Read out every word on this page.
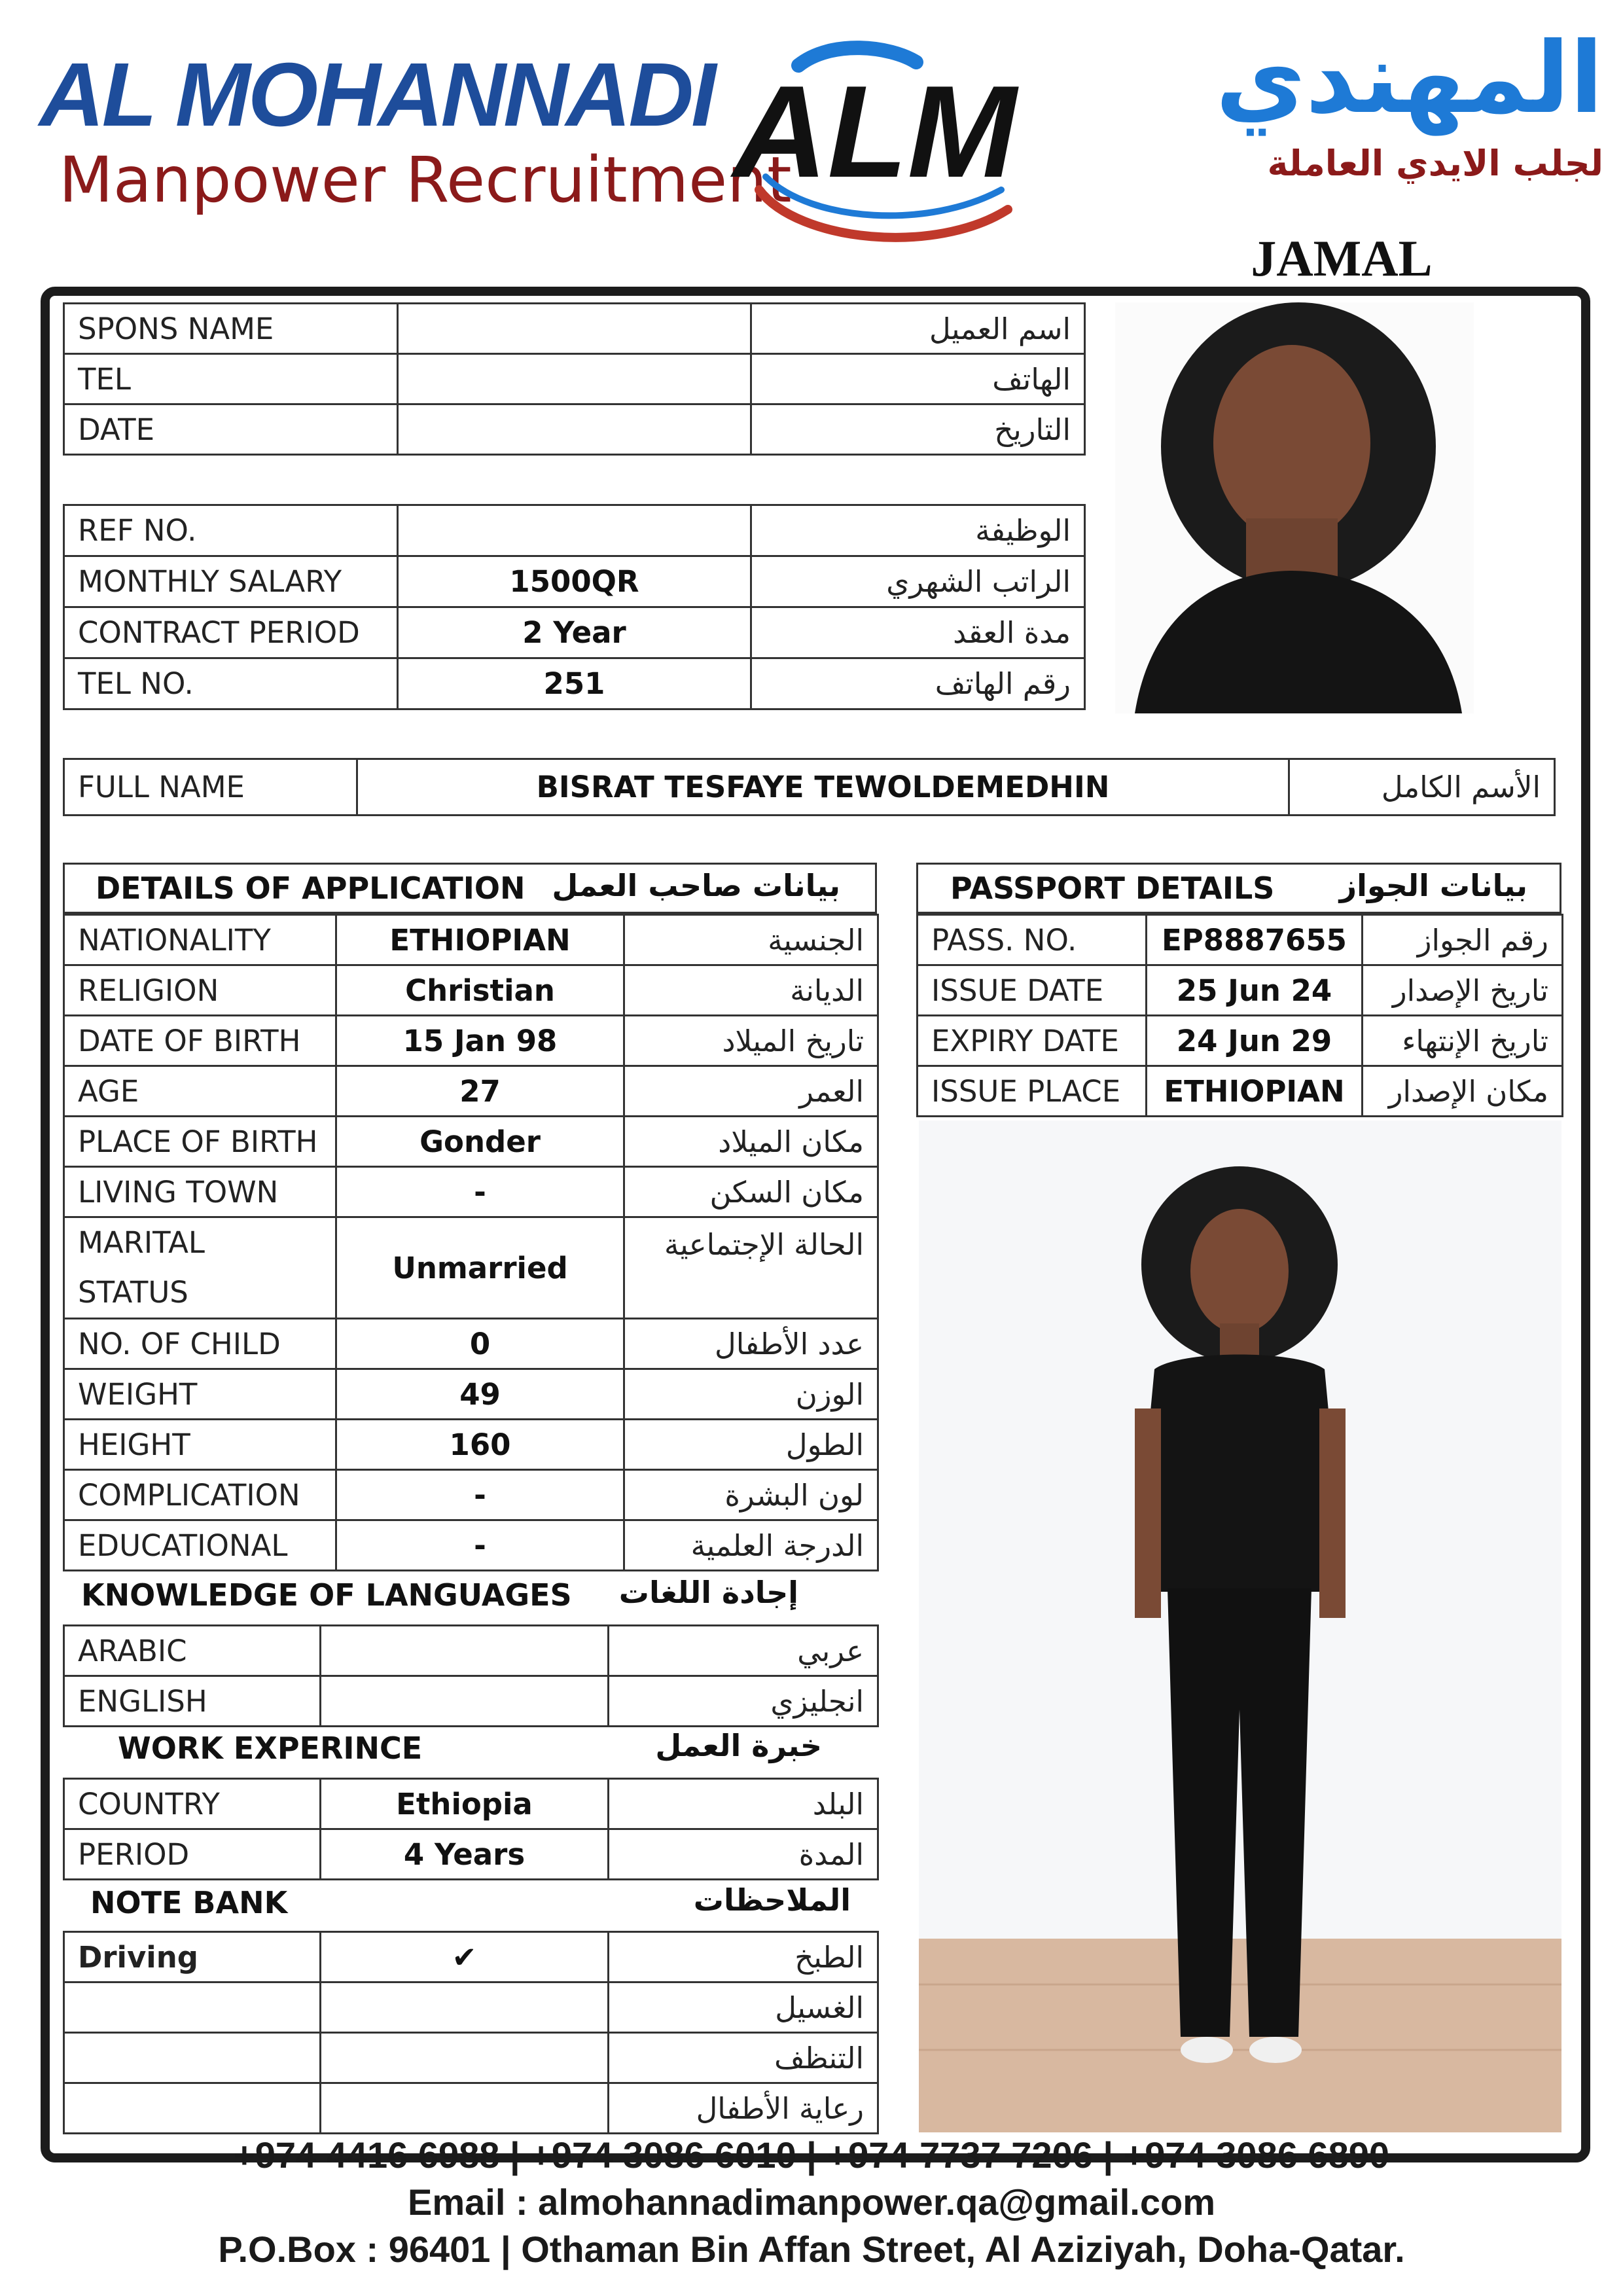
AL MOHANNADI
Manpower Recruitment
ALM	المهندي
لجلب الايدي العاملة
JAMAL
SPONS NAME		اسم العميل
TEL		الهاتف
DATE		التاريخ
REF NO.		الوظيفة
MONTHLY SALARY	1500QR	الراتب الشهري
CONTRACT PERIOD	2 Year	مدة العقد
TEL NO.	251	رقم الهاتف
FULL NAME	BISRAT TESFAYE TEWOLDEMEDHIN	الأسم الكامل
DETAILS OF APPLICATION بيانات صاحب العمل
NATIONALITY	ETHIOPIAN	الجنسية
RELIGION	Christian	الديانة
DATE OF BIRTH	15 Jan 98	تاريخ الميلاد
AGE	27	العمر
PLACE OF BIRTH	Gonder	مكان الميلاد
LIVING TOWN	-	مكان السكن

MARITAL
STATUS	Unmarried	الحالة الإجتماعية
NO. OF CHILD	0	عدد الأطفال
WEIGHT	49	الوزن
HEIGHT	160	الطول
COMPLICATION	-	لون البشرة
EDUCATIONAL	-	الدرجة العلمية
KNOWLEDGE OF LANGUAGES إجادة اللغات
ARABIC		عربي
ENGLISH		انجليزي
WORK EXPERINCE	خبرة العمل
COUNTRY	Ethiopia	البلد
PERIOD	4 Years	المدة
NOTE BANK	الملاحظات
Driving	✔	الطبخ
		الغسيل
		التنظف
		رعاية الأطفال
PASSPORT DETAILS بيانات الجواز
PASS. NO.	EP8887655	رقم الجواز
ISSUE DATE	25 Jun 24	تاريخ الإصدار
EXPIRY DATE	24 Jun 29	تاريخ الإنتهاء
ISSUE PLACE	ETHIOPIAN	مكان الإصدار
+974 4416 6988 | +974 3086 6010 | +974 7737 7206 | +974 3086 6890
Email : almohannadimanpower.qa@gmail.com
P.O.Box : 96401 | Othaman Bin Affan Street, Al Aziziyah, Doha-Qatar.
